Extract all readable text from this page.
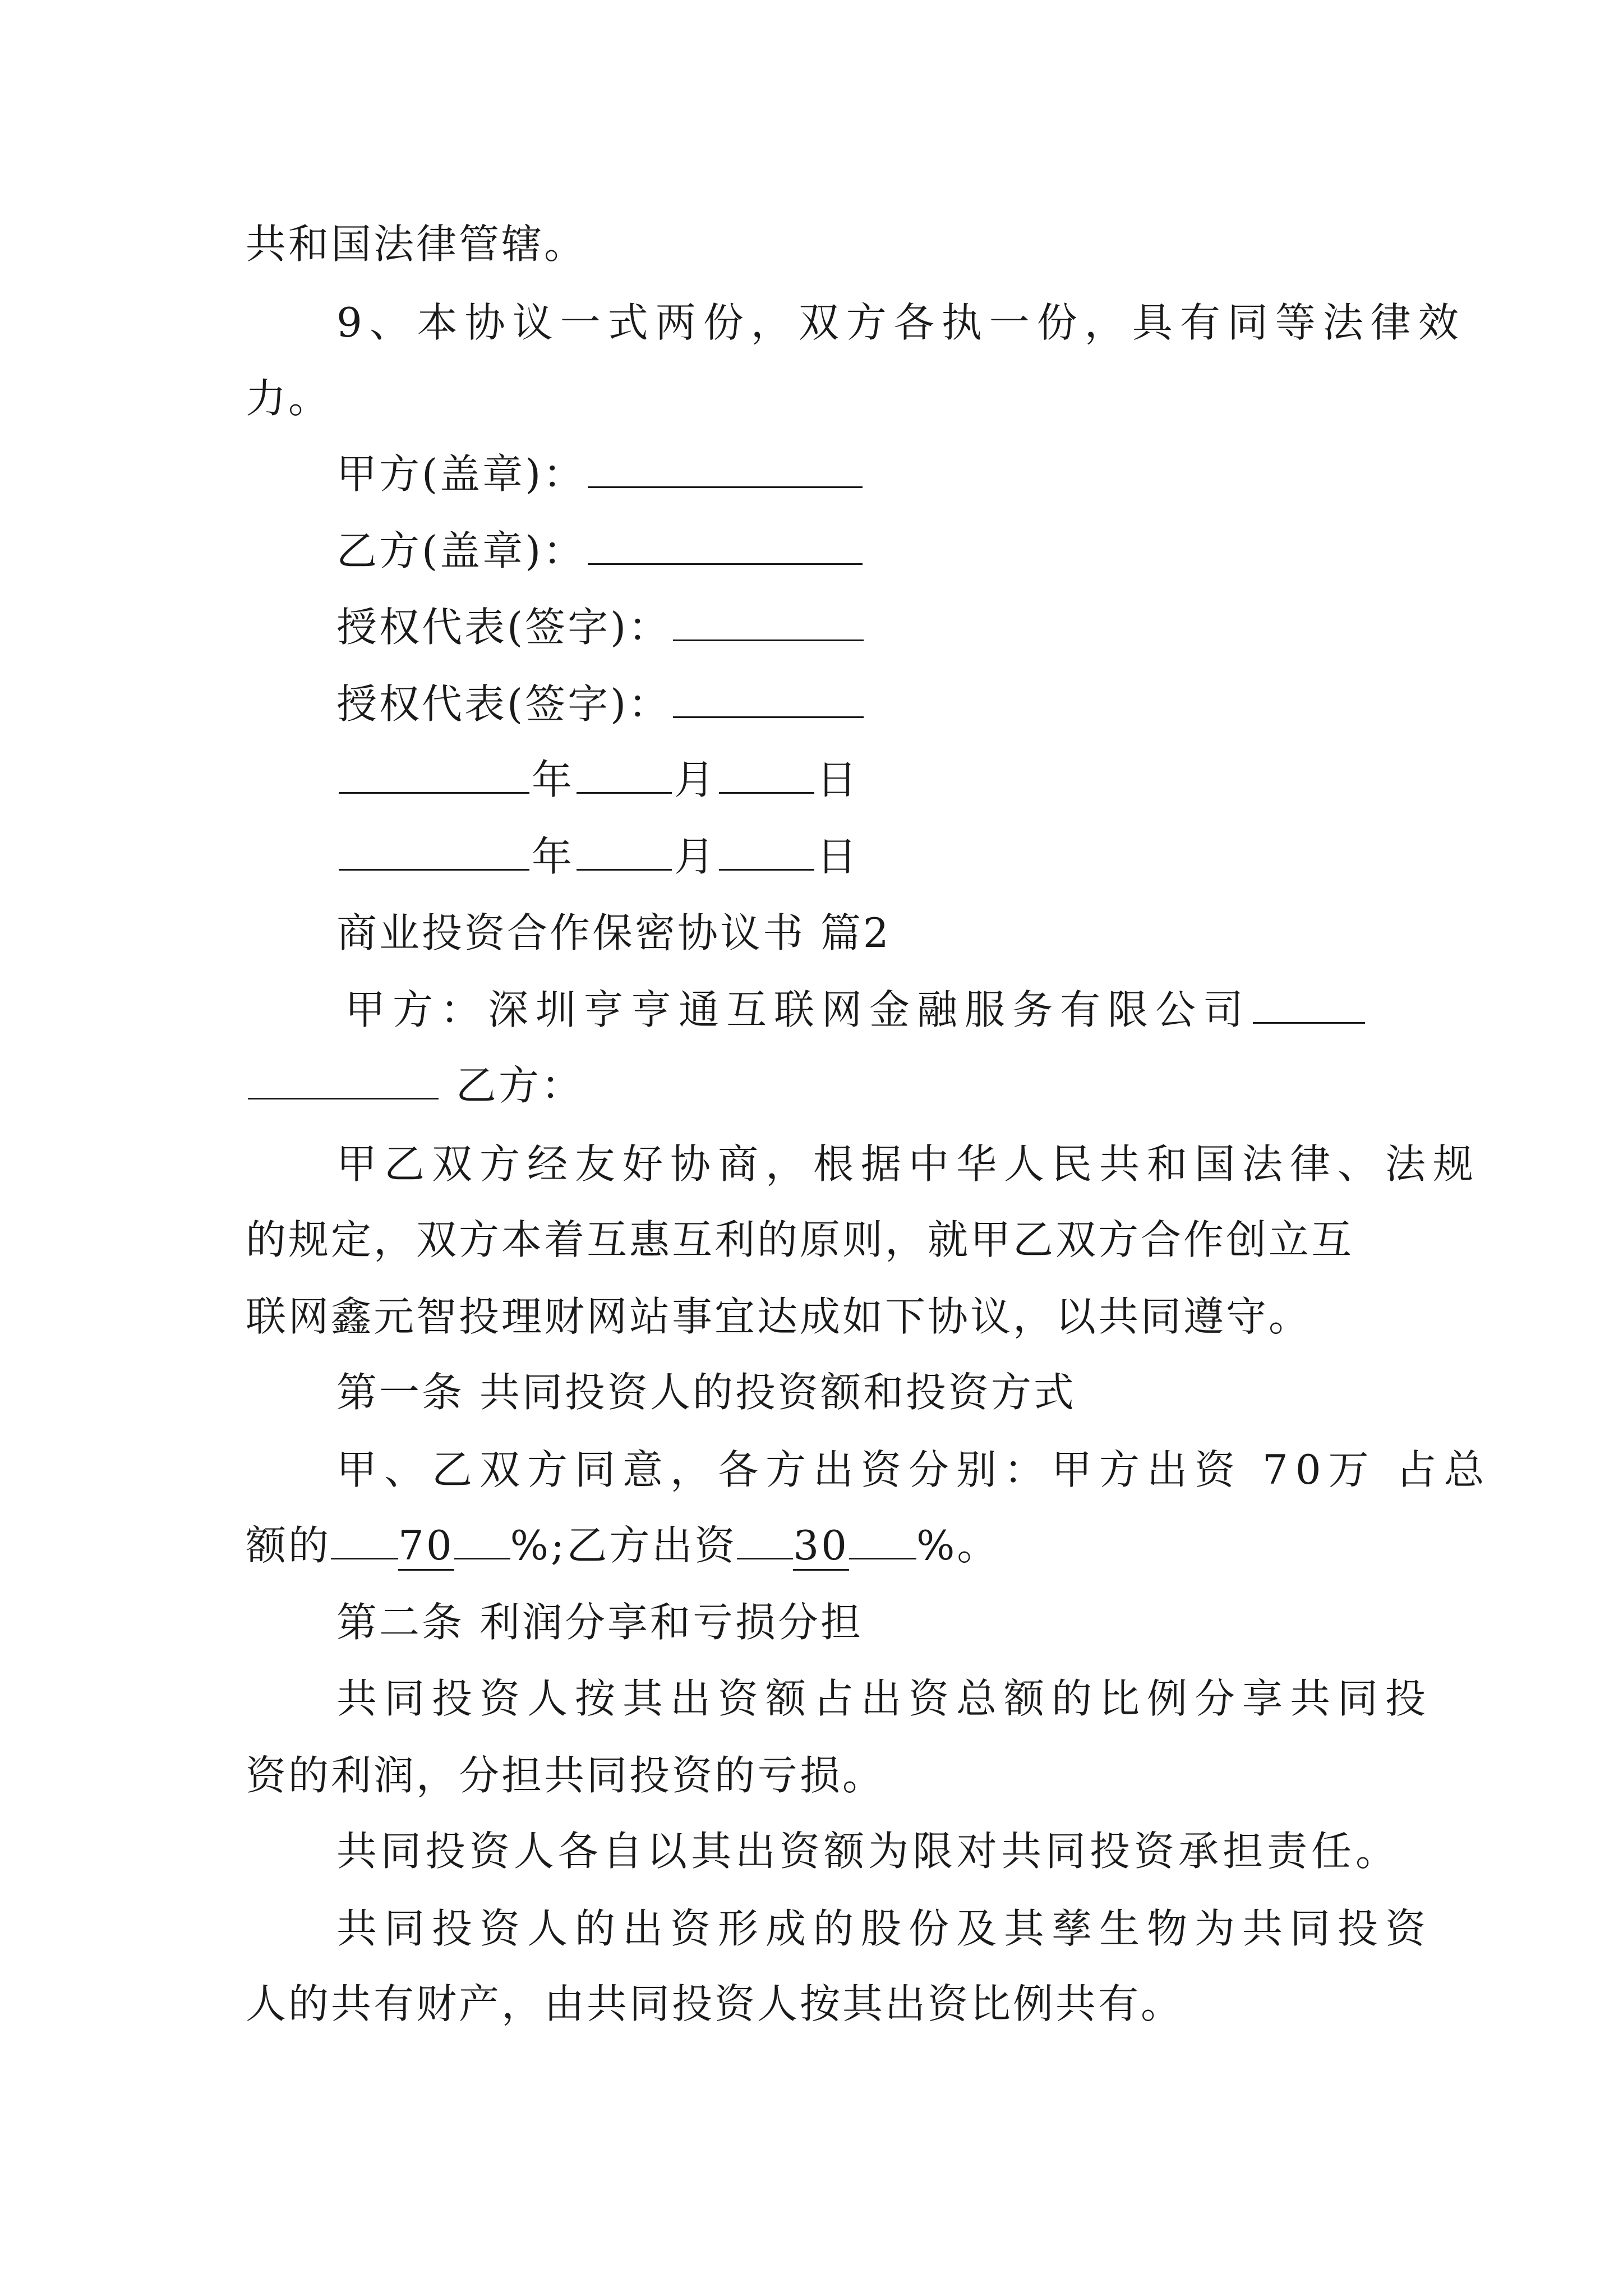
共和国法律管辖。
9、本协议一式两份，双方各执一份，具有同等法律效
力。
甲方(盖章)：
乙方(盖章)：
授权代表(签字)：
授权代表(签字)：
年 月 日
年 月 日
商业投资合作保密协议书 篇2
甲方：深圳亨亨通互联网金融服务有限公司
乙方：
甲乙双方经友好协商，根据中华人民共和国法律、法规
的规定，双方本着互惠互利的原则，就甲乙双方合作创立互
联网鑫元智投理财网站事宜达成如下协议，以共同遵守。
第一条 共同投资人的投资额和投资方式
甲、乙双方同意，各方出资分别：甲方出资 70万 占总
额的 70 %;乙方出资 30 %。
第二条 利润分享和亏损分担
共同投资人按其出资额占出资总额的比例分享共同投
资的利润，分担共同投资的亏损。
共同投资人各自以其出资额为限对共同投资承担责任。
共同投资人的出资形成的股份及其孳生物为共同投资
人的共有财产，由共同投资人按其出资比例共有。
